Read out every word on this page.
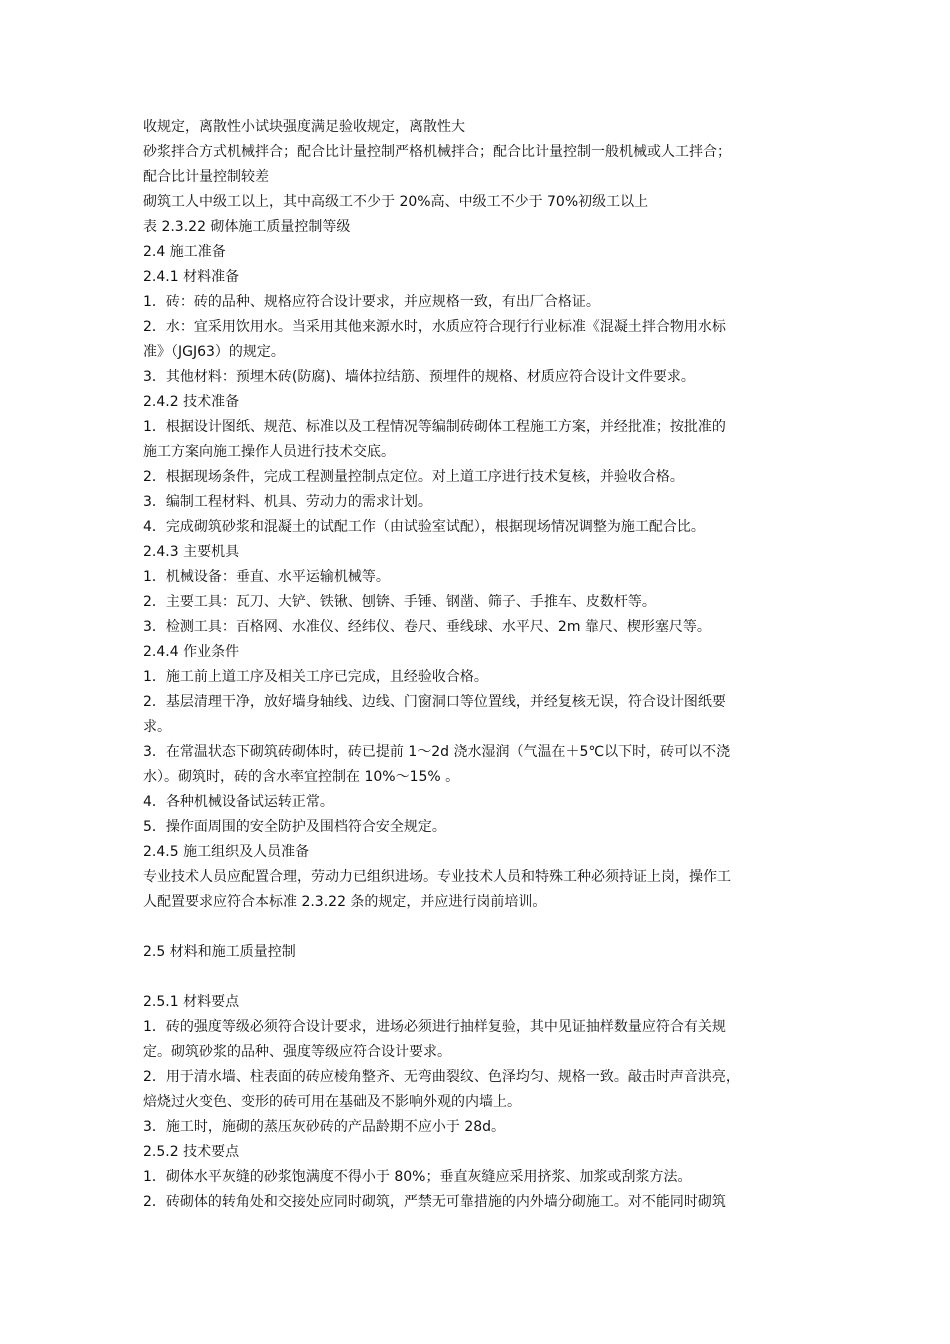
收规定，离散性小试块强度满足验收规定，离散性大
砂浆拌合方式机械拌合；配合比计量控制严格机械拌合；配合比计量控制一般机械或人工拌合；
配合比计量控制较差
砌筑工人中级工以上，其中高级工不少于 20%高、中级工不少于 70%初级工以上
表 2.3.22 砌体施工质量控制等级
2.4 施工准备
2.4.1 材料准备
1．砖：砖的品种、规格应符合设计要求，并应规格一致，有出厂合格证。
2．水：宜采用饮用水。当采用其他来源水时，水质应符合现行行业标准《混凝土拌合物用水标
准》（JGJ63）的规定。
3．其他材料：预埋木砖(防腐)、墙体拉结筋、预埋件的规格、材质应符合设计文件要求。
2.4.2 技术准备
1．根据设计图纸、规范、标准以及工程情况等编制砖砌体工程施工方案，并经批准；按批准的
施工方案向施工操作人员进行技术交底。
2．根据现场条件，完成工程测量控制点定位。对上道工序进行技术复核，并验收合格。
3．编制工程材料、机具、劳动力的需求计划。
4．完成砌筑砂浆和混凝土的试配工作（由试验室试配），根据现场情况调整为施工配合比。
2.4.3 主要机具
1．机械设备：垂直、水平运输机械等。
2．主要工具：瓦刀、大铲、铁锹、刨锛、手锤、钢凿、筛子、手推车、皮数杆等。
3．检测工具：百格网、水准仪、经纬仪、卷尺、垂线球、水平尺、2m 靠尺、楔形塞尺等。
2.4.4 作业条件
1．施工前上道工序及相关工序已完成，且经验收合格。
2．基层清理干净，放好墙身轴线、边线、门窗洞口等位置线，并经复核无误，符合设计图纸要
求。
3．在常温状态下砌筑砖砌体时，砖已提前 1～2d 浇水湿润（气温在＋5℃以下时，砖可以不浇
水）。砌筑时，砖的含水率宜控制在 10%～15% 。
4．各种机械设备试运转正常。
5．操作面周围的安全防护及围档符合安全规定。
2.4.5 施工组织及人员准备
专业技术人员应配置合理，劳动力已组织进场。专业技术人员和特殊工种必须持证上岗，操作工
人配置要求应符合本标准 2.3.22 条的规定，并应进行岗前培训。
2.5 材料和施工质量控制
2.5.1 材料要点
1．砖的强度等级必须符合设计要求，进场必须进行抽样复验，其中见证抽样数量应符合有关规
定。砌筑砂浆的品种、强度等级应符合设计要求。
2．用于清水墙、柱表面的砖应棱角整齐、无弯曲裂纹、色泽均匀、规格一致。敲击时声音洪亮，
焙烧过火变色、变形的砖可用在基础及不影响外观的内墙上。
3．施工时，施砌的蒸压灰砂砖的产品龄期不应小于 28d。
2.5.2 技术要点
1．砌体水平灰缝的砂浆饱满度不得小于 80%；垂直灰缝应采用挤浆、加浆或刮浆方法。
2．砖砌体的转角处和交接处应同时砌筑，严禁无可靠措施的内外墙分砌施工。对不能同时砌筑
